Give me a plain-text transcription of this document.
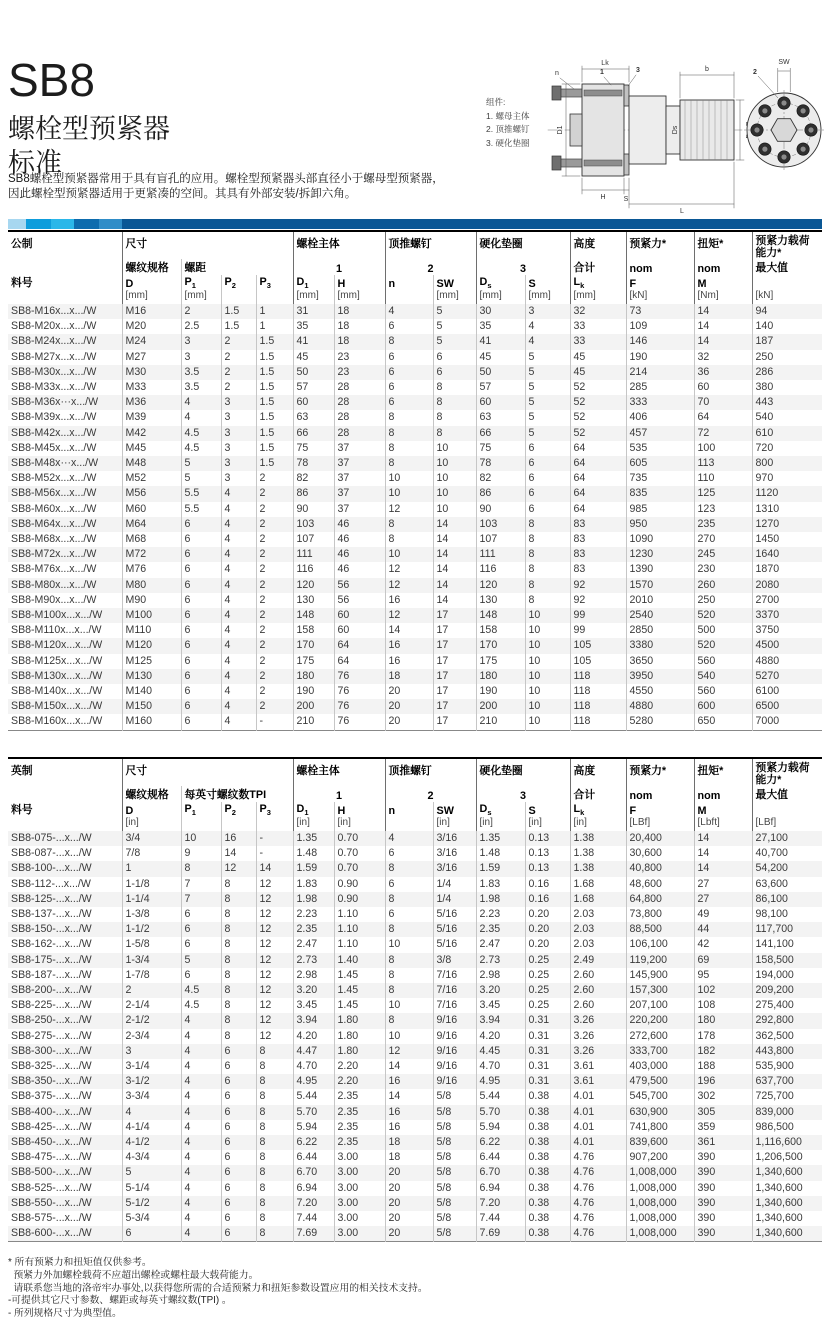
SB8
螺栓型预紧器
标准
SB8螺栓型预紧器常用于具有盲孔的应用。螺栓型预紧器头部直径小于螺母型预紧器，
因此螺栓型预紧器适用于更紧凑的空间。其具有外部安装/拆卸六角。
组件:
1. 螺母主体
2. 顶推螺钉
3. 硬化垫圈
Lk
b
n	1	3
D1	Ds
H	S
L
2
SW
公制	尺寸				螺栓主体		顶推螺钉		硬化垫圈		高度	预紧力*	扭矩*	预紧力载荷能力*
	螺纹规格	螺距			1		2		3		合计	nom	nom	最大值
料号	D	$P_1$	$P_2$	$P_3$	$D_1$	H	n	SW	$D_s$	S	$L_k$	F	M	
	[mm]	[mm]			[mm]	[mm]		[mm]	[mm]	[mm]	[mm]	[kN]	[Nm]	[kN]
SB8-M16x...x.../W	M16	2	1.5	1	31	18	4	5	30	3	32	73	14	94
SB8-M20x...x.../W	M20	2.5	1.5	1	35	18	6	5	35	4	33	109	14	140
SB8-M24x...x.../W	M24	3	2	1.5	41	18	8	5	41	4	33	146	14	187
SB8-M27x...x.../W	M27	3	2	1.5	45	23	6	6	45	5	45	190	32	250
SB8-M30x...x.../W	M30	3.5	2	1.5	50	23	6	6	50	5	45	214	36	286
SB8-M33x...x.../W	M33	3.5	2	1.5	57	28	6	8	57	5	52	285	60	380
SB8-M36x···x.../W	M36	4	3	1.5	60	28	6	8	60	5	52	333	70	443
SB8-M39x...x.../W	M39	4	3	1.5	63	28	8	8	63	5	52	406	64	540
SB8-M42x...x.../W	M42	4.5	3	1.5	66	28	8	8	66	5	52	457	72	610
SB8-M45x...x.../W	M45	4.5	3	1.5	75	37	8	10	75	6	64	535	100	720
SB8-M48x···x.../W	M48	5	3	1.5	78	37	8	10	78	6	64	605	113	800
SB8-M52x...x.../W	M52	5	3	2	82	37	10	10	82	6	64	735	110	970
SB8-M56x...x.../W	M56	5.5	4	2	86	37	10	10	86	6	64	835	125	1120
SB8-M60x...x.../W	M60	5.5	4	2	90	37	12	10	90	6	64	985	123	1310
SB8-M64x...x.../W	M64	6	4	2	103	46	8	14	103	8	83	950	235	1270
SB8-M68x...x.../W	M68	6	4	2	107	46	8	14	107	8	83	1090	270	1450
SB8-M72x...x.../W	M72	6	4	2	111	46	10	14	111	8	83	1230	245	1640
SB8-M76x...x.../W	M76	6	4	2	116	46	12	14	116	8	83	1390	230	1870
SB8-M80x...x.../W	M80	6	4	2	120	56	12	14	120	8	92	1570	260	2080
SB8-M90x...x.../W	M90	6	4	2	130	56	16	14	130	8	92	2010	250	2700
SB8-M100x...x.../W	M100	6	4	2	148	60	12	17	148	10	99	2540	520	3370
SB8-M110x...x.../W	M110	6	4	2	158	60	14	17	158	10	99	2850	500	3750
SB8-M120x...x.../W	M120	6	4	2	170	64	16	17	170	10	105	3380	520	4500
SB8-M125x...x.../W	M125	6	4	2	175	64	16	17	175	10	105	3650	560	4880
SB8-M130x...x.../W	M130	6	4	2	180	76	18	17	180	10	118	3950	540	5270
SB8-M140x...x.../W	M140	6	4	2	190	76	20	17	190	10	118	4550	560	6100
SB8-M150x...x.../W	M150	6	4	2	200	76	20	17	200	10	118	4880	600	6500
SB8-M160x...x.../W	M160	6	4	-	210	76	20	17	210	10	118	5280	650	7000
英制	尺寸				螺栓主体		顶推螺钉		硬化垫圈		高度	预紧力*	扭矩*	预紧力载荷能力*
	螺纹规格	每英寸螺纹数TPI			1		2		3		合计	nom	nom	最大值
料号	D	$P_1$	$P_2$	$P_3$	$D_1$	H	n	SW	$D_s$	S	$L_k$	F	M	
	[in]				[in]	[in]		[in]	[in]	[in]	[in]	[LBf]	[Lbft]	[LBf]
SB8-075-...x.../W	3/4	10	16	-	1.35	0.70	4	3/16	1.35	0.13	1.38	20,400	14	27,100
SB8-087-...x.../W	7/8	9	14	-	1.48	0.70	6	3/16	1.48	0.13	1.38	30,600	14	40,700
SB8-100-...x.../W	1	8	12	14	1.59	0.70	8	3/16	1.59	0.13	1.38	40,800	14	54,200
SB8-112-...x.../W	1-1/8	7	8	12	1.83	0.90	6	1/4	1.83	0.16	1.68	48,600	27	63,600
SB8-125-...x.../W	1-1/4	7	8	12	1.98	0.90	8	1/4	1.98	0.16	1.68	64,800	27	86,100
SB8-137-...x.../W	1-3/8	6	8	12	2.23	1.10	6	5/16	2.23	0.20	2.03	73,800	49	98,100
SB8-150-...x.../W	1-1/2	6	8	12	2.35	1.10	8	5/16	2.35	0.20	2.03	88,500	44	117,700
SB8-162-...x.../W	1-5/8	6	8	12	2.47	1.10	10	5/16	2.47	0.20	2.03	106,100	42	141,100
SB8-175-...x.../W	1-3/4	5	8	12	2.73	1.40	8	3/8	2.73	0.25	2.49	119,200	69	158,500
SB8-187-...x.../W	1-7/8	6	8	12	2.98	1.45	8	7/16	2.98	0.25	2.60	145,900	95	194,000
SB8-200-...x.../W	2	4.5	8	12	3.20	1.45	8	7/16	3.20	0.25	2.60	157,300	102	209,200
SB8-225-...x.../W	2-1/4	4.5	8	12	3.45	1.45	10	7/16	3.45	0.25	2.60	207,100	108	275,400
SB8-250-...x.../W	2-1/2	4	8	12	3.94	1.80	8	9/16	3.94	0.31	3.26	220,200	180	292,800
SB8-275-...x.../W	2-3/4	4	8	12	4.20	1.80	10	9/16	4.20	0.31	3.26	272,600	178	362,500
SB8-300-...x.../W	3	4	6	8	4.47	1.80	12	9/16	4.45	0.31	3.26	333,700	182	443,800
SB8-325-...x.../W	3-1/4	4	6	8	4.70	2.20	14	9/16	4.70	0.31	3.61	403,000	188	535,900
SB8-350-...x.../W	3-1/2	4	6	8	4.95	2.20	16	9/16	4.95	0.31	3.61	479,500	196	637,700
SB8-375-...x.../W	3-3/4	4	6	8	5.44	2.35	14	5/8	5.44	0.38	4.01	545,700	302	725,700
SB8-400-...x.../W	4	4	6	8	5.70	2.35	16	5/8	5.70	0.38	4.01	630,900	305	839,000
SB8-425-...x.../W	4-1/4	4	6	8	5.94	2.35	16	5/8	5.94	0.38	4.01	741,800	359	986,500
SB8-450-...x.../W	4-1/2	4	6	8	6.22	2.35	18	5/8	6.22	0.38	4.01	839,600	361	1,116,600
SB8-475-...x.../W	4-3/4	4	6	8	6.44	3.00	18	5/8	6.44	0.38	4.76	907,200	390	1,206,500
SB8-500-...x.../W	5	4	6	8	6.70	3.00	20	5/8	6.70	0.38	4.76	1,008,000	390	1,340,600
SB8-525-...x.../W	5-1/4	4	6	8	6.94	3.00	20	5/8	6.94	0.38	4.76	1,008,000	390	1,340,600
SB8-550-...x.../W	5-1/2	4	6	8	7.20	3.00	20	5/8	7.20	0.38	4.76	1,008,000	390	1,340,600
SB8-575-...x.../W	5-3/4	4	6	8	7.44	3.00	20	5/8	7.44	0.38	4.76	1,008,000	390	1,340,600
SB8-600-...x.../W	6	4	6	8	7.69	3.00	20	5/8	7.69	0.38	4.76	1,008,000	390	1,340,600
* 所有预紧力和扭矩值仅供参考。
预紧力外加螺栓载荷不应超出螺栓或螺柱最大载荷能力。
请联系您当地的洛帝牢办事处,以获得您所需的合适预紧力和扭矩参数设置应用的相关技术支持。
-可提供其它尺寸参数、螺距或每英寸螺纹数(TPI) 。
- 所列规格尺寸为典型值。
